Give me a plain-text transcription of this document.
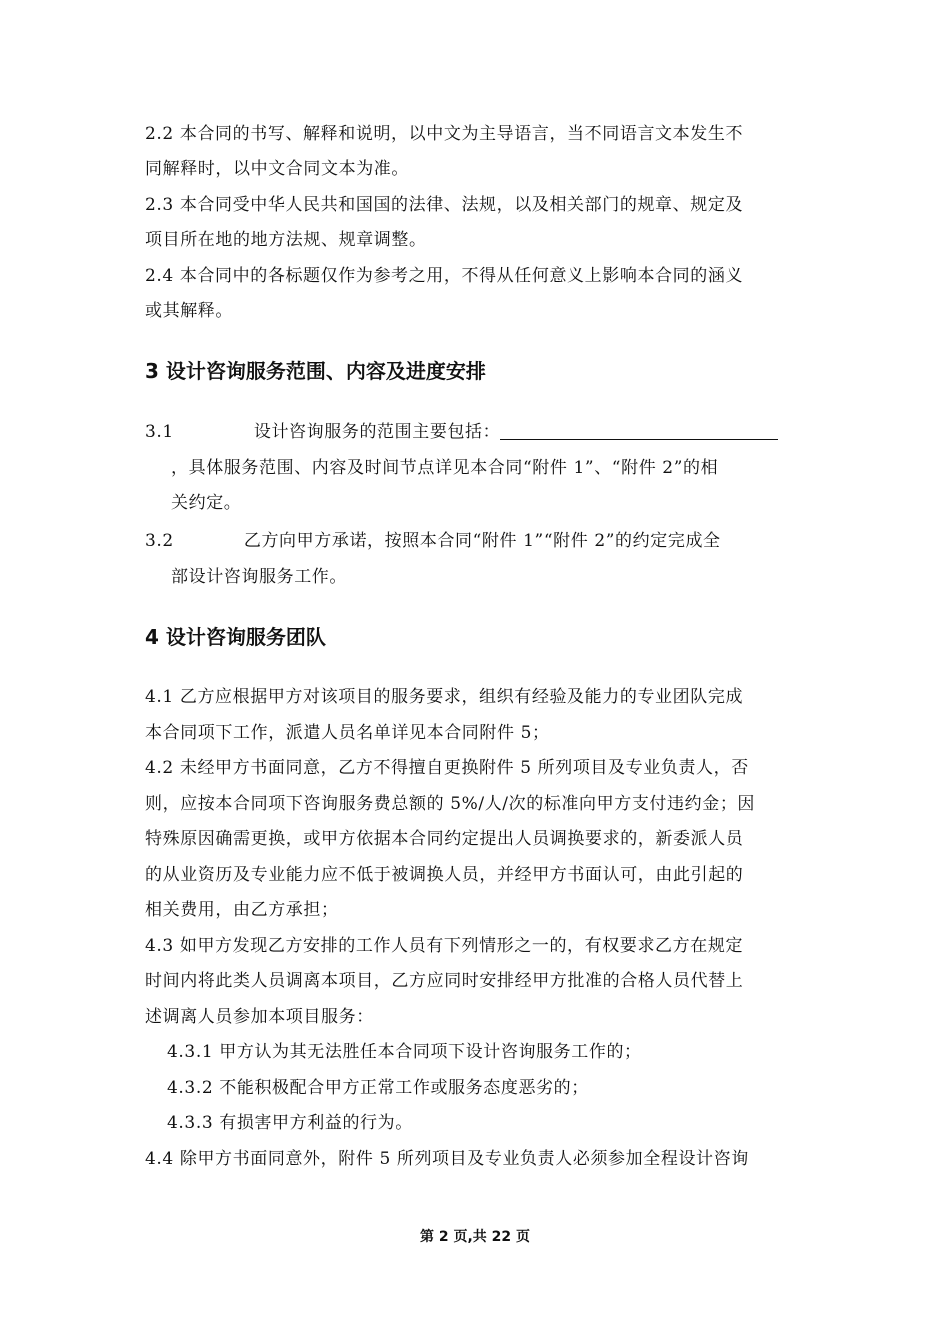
2.2 本合同的书写、解释和说明，以中文为主导语言，当不同语言文本发生不
同解释时，以中文合同文本为准。
2.3 本合同受中华人民共和国国的法律、法规，以及相关部门的规章、规定及
项目所在地的地方法规、规章调整。
2.4 本合同中的各标题仅作为参考之用，不得从任何意义上影响本合同的涵义
或其解释。
3 设计咨询服务范围、内容及进度安排
3.1	设计咨询服务的范围主要包括：
，具体服务范围、内容及时间节点详见本合同“附件 1”、“附件 2”的相
关约定。
3.2	乙方向甲方承诺，按照本合同“附件 1”“附件 2”的约定完成全
部设计咨询服务工作。
4 设计咨询服务团队
4.1 乙方应根据甲方对该项目的服务要求，组织有经验及能力的专业团队完成
本合同项下工作，派遣人员名单详见本合同附件 5；
4.2 未经甲方书面同意，乙方不得擅自更换附件 5 所列项目及专业负责人，否
则，应按本合同项下咨询服务费总额的 5%/人/次的标准向甲方支付违约金；因
特殊原因确需更换，或甲方依据本合同约定提出人员调换要求的，新委派人员
的从业资历及专业能力应不低于被调换人员，并经甲方书面认可，由此引起的
相关费用，由乙方承担；
4.3 如甲方发现乙方安排的工作人员有下列情形之一的，有权要求乙方在规定
时间内将此类人员调离本项目，乙方应同时安排经甲方批准的合格人员代替上
述调离人员参加本项目服务：
4.3.1 甲方认为其无法胜任本合同项下设计咨询服务工作的；
4.3.2 不能积极配合甲方正常工作或服务态度恶劣的；
4.3.3 有损害甲方利益的行为。
4.4 除甲方书面同意外，附件 5 所列项目及专业负责人必须参加全程设计咨询
第 2 页,共 22 页
